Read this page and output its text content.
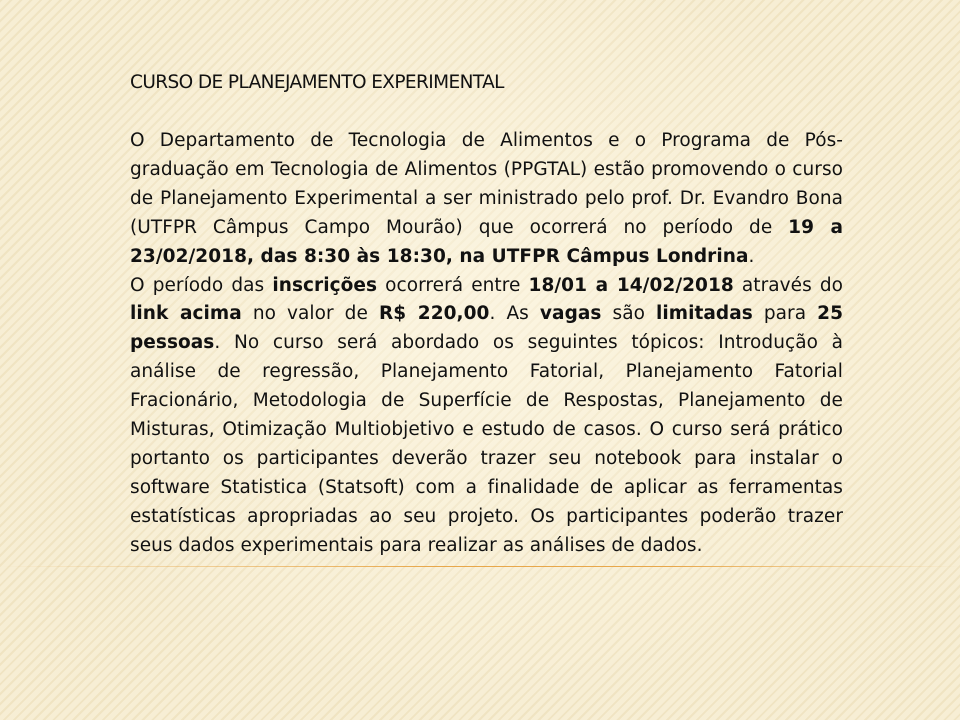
CURSO DE PLANEJAMENTO EXPERIMENTAL

O Departamento de Tecnologia de Alimentos e o Programa de Pós-graduação em Tecnologia de Alimentos (PPGTAL) estão promovendo o curso de Planejamento Experimental a ser ministrado pelo prof. Dr. Evandro Bona (UTFPR Câmpus Campo Mourão) que ocorrerá no período de 19 a 23/02/2018, das 8:30 às 18:30, na UTFPR Câmpus Londrina.

O período das inscrições ocorrerá entre 18/01 a 14/02/2018 através do link acima no valor de R$ 220,00. As vagas são limitadas para 25 pessoas. No curso será abordado os seguintes tópicos: Introdução à análise de regressão, Planejamento Fatorial, Planejamento Fatorial Fracionário, Metodologia de Superfície de Respostas, Planejamento de Misturas, Otimização Multiobjetivo e estudo de casos. O curso será prático portanto os participantes deverão trazer seu notebook para instalar o software Statistica (Statsoft) com a finalidade de aplicar as ferramentas estatísticas apropriadas ao seu projeto. Os participantes poderão trazer seus dados experimentais para realizar as análises de dados.
